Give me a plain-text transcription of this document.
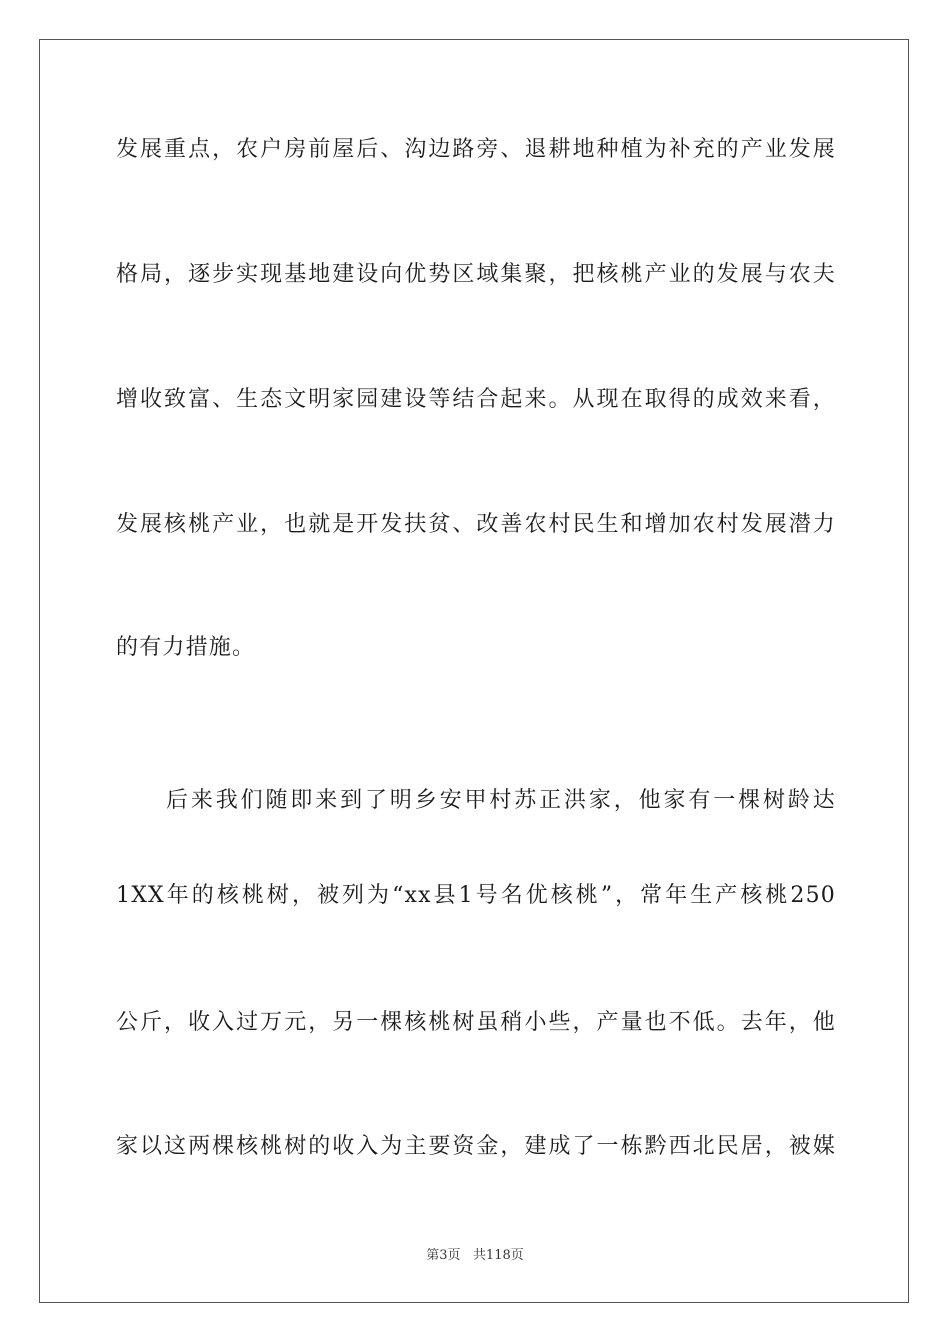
发展重点，农户房前屋后、沟边路旁、退耕地种植为补充的产业发展
格局，逐步实现基地建设向优势区域集聚，把核桃产业的发展与农夫
增收致富、生态文明家园建设等结合起来。从现在取得的成效来看，
发展核桃产业，也就是开发扶贫、改善农村民生和增加农村发展潜力
的有力措施。
后来我们随即来到了明乡安甲村苏正洪家，他家有一棵树龄达
1XX年的核桃树，被列为“xx县1号名优核桃”，常年生产核桃250
公斤，收入过万元，另一棵核桃树虽稍小些，产量也不低。去年，他
家以这两棵核桃树的收入为主要资金，建成了一栋黔西北民居，被媒
第3页   共118页
